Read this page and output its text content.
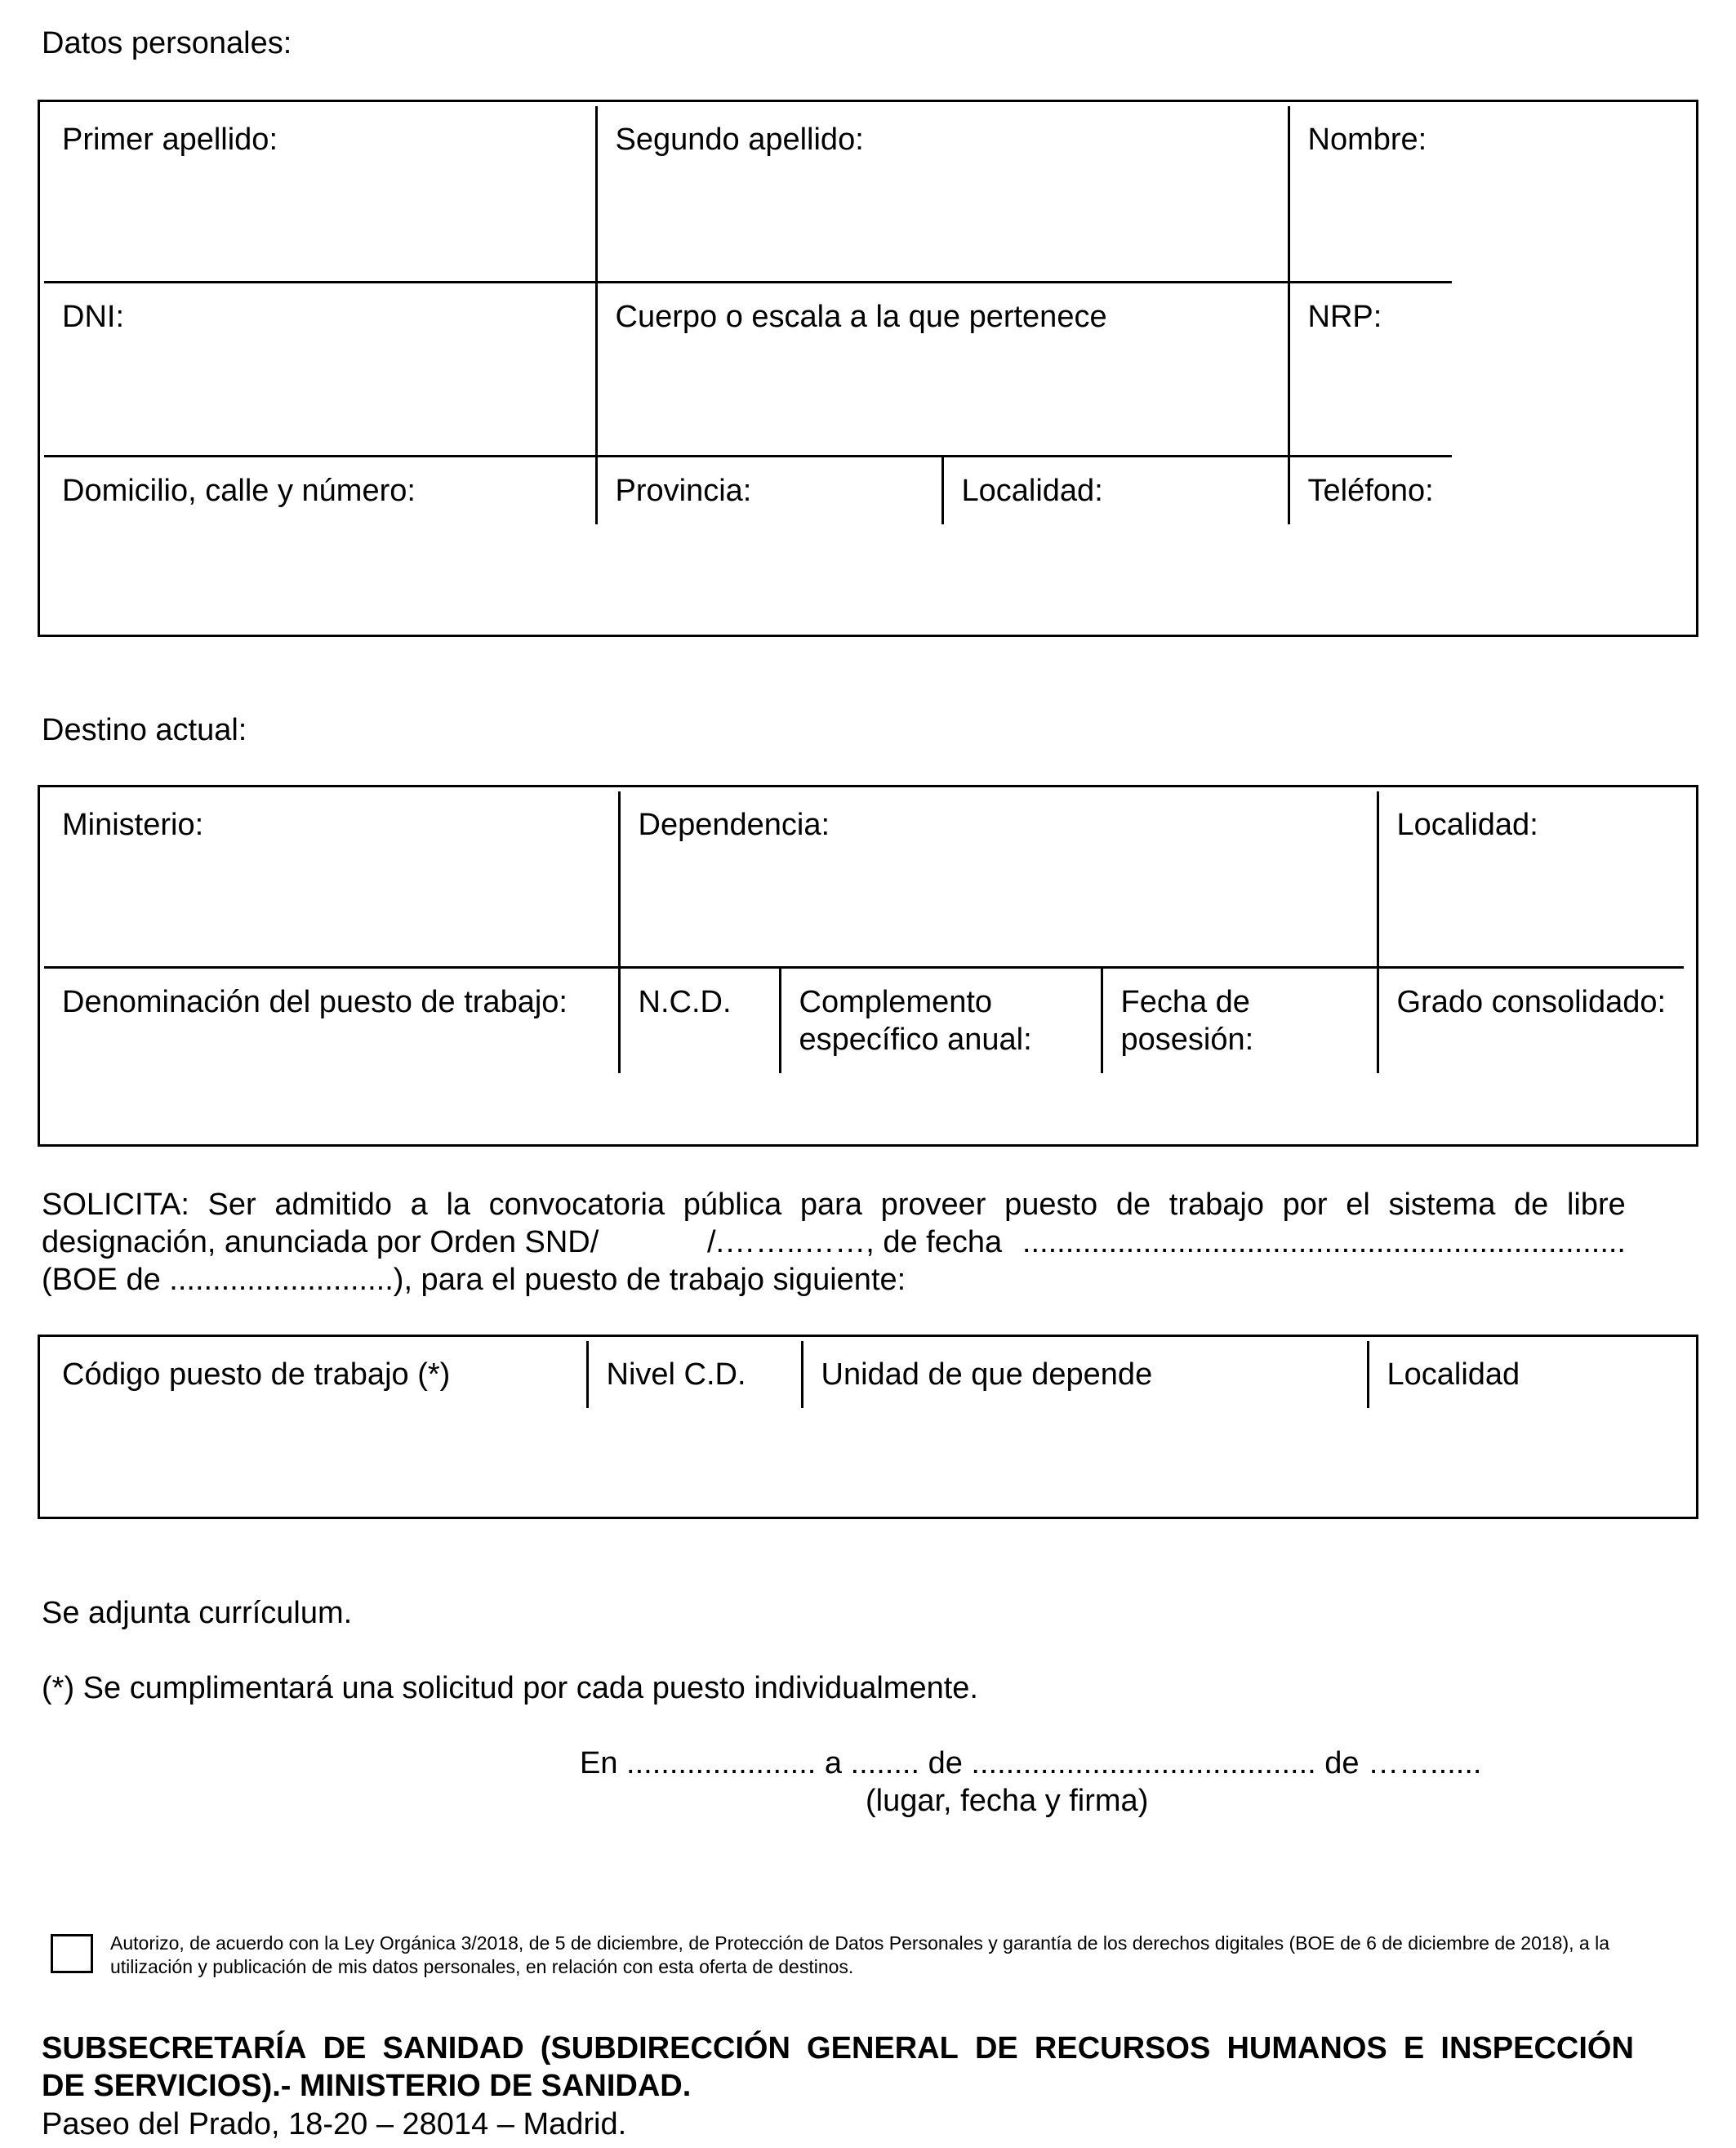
Datos personales:
Primer apellido:	Segundo apellido:		Nombre:
DNI:	Cuerpo o escala a la que pertenece		NRP:
Domicilio, calle y número:	Provincia:	Localidad:	Teléfono:
Destino actual:
Ministerio:	Dependencia:			Localidad:
Denominación del puesto de trabajo:	N.C.D.	Complemento específico anual:	Fecha de posesión:	Grado consolidado:
SOLICITA: Ser admitido a la convocatoria pública para proveer puesto de trabajo por el sistema de libre
designación, anunciada por Orden SND/	/.……..……, de fecha ......................................................................
(BOE de ..........................), para el puesto de trabajo siguiente:
Código puesto de trabajo (*)	Nivel C.D.	Unidad de que depende	Localidad
Se adjunta currículum.
(*) Se cumplimentará una solicitud por cada puesto individualmente.
En ...................... a ........ de ........................................ de ……......
(lugar, fecha y firma)
Autorizo, de acuerdo con la Ley Orgánica 3/2018, de 5 de diciembre, de Protección de Datos Personales y garantía de los derechos digitales (BOE de 6 de diciembre de 2018), a la utilización y publicación de mis datos personales, en relación con esta oferta de destinos.
SUBSECRETARÍA DE SANIDAD (SUBDIRECCIÓN GENERAL DE RECURSOS HUMANOS E INSPECCIÓN
DE SERVICIOS).- MINISTERIO DE SANIDAD.
Paseo del Prado, 18-20 – 28014 – Madrid.
